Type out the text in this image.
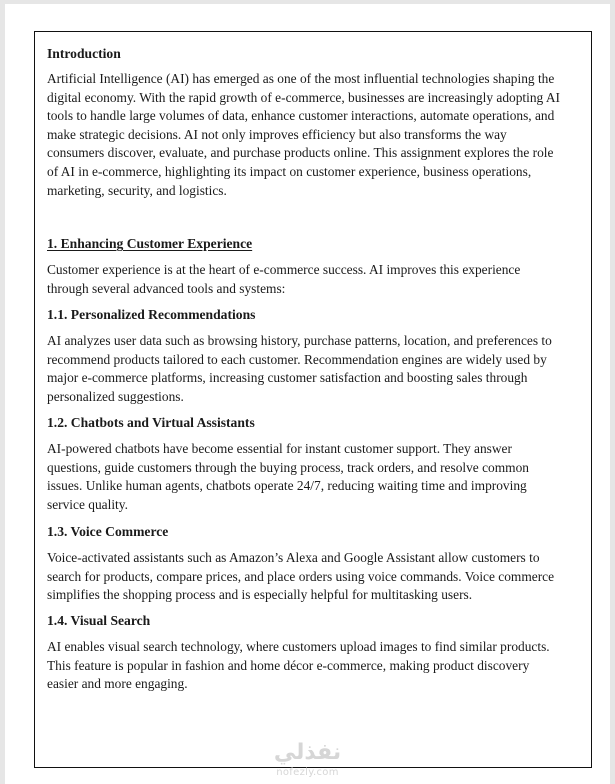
Introduction
Artificial Intelligence (AI) has emerged as one of the most influential technologies shaping the
digital economy. With the rapid growth of e-commerce, businesses are increasingly adopting AI
tools to handle large volumes of data, enhance customer interactions, automate operations, and
make strategic decisions. AI not only improves efficiency but also transforms the way
consumers discover, evaluate, and purchase products online. This assignment explores the role
of AI in e-commerce, highlighting its impact on customer experience, business operations,
marketing, security, and logistics.
1. Enhancing Customer Experience
Customer experience is at the heart of e-commerce success. AI improves this experience
through several advanced tools and systems:
1.1. Personalized Recommendations
AI analyzes user data such as browsing history, purchase patterns, location, and preferences to
recommend products tailored to each customer. Recommendation engines are widely used by
major e-commerce platforms, increasing customer satisfaction and boosting sales through
personalized suggestions.
1.2. Chatbots and Virtual Assistants
AI-powered chatbots have become essential for instant customer support. They answer
questions, guide customers through the buying process, track orders, and resolve common
issues. Unlike human agents, chatbots operate 24/7, reducing waiting time and improving
service quality.
1.3. Voice Commerce
Voice-activated assistants such as Amazon’s Alexa and Google Assistant allow customers to
search for products, compare prices, and place orders using voice commands. Voice commerce
simplifies the shopping process and is especially helpful for multitasking users.
1.4. Visual Search
AI enables visual search technology, where customers upload images to find similar products.
This feature is popular in fashion and home décor e-commerce, making product discovery
easier and more engaging.
نفذلي
nofezly.com
